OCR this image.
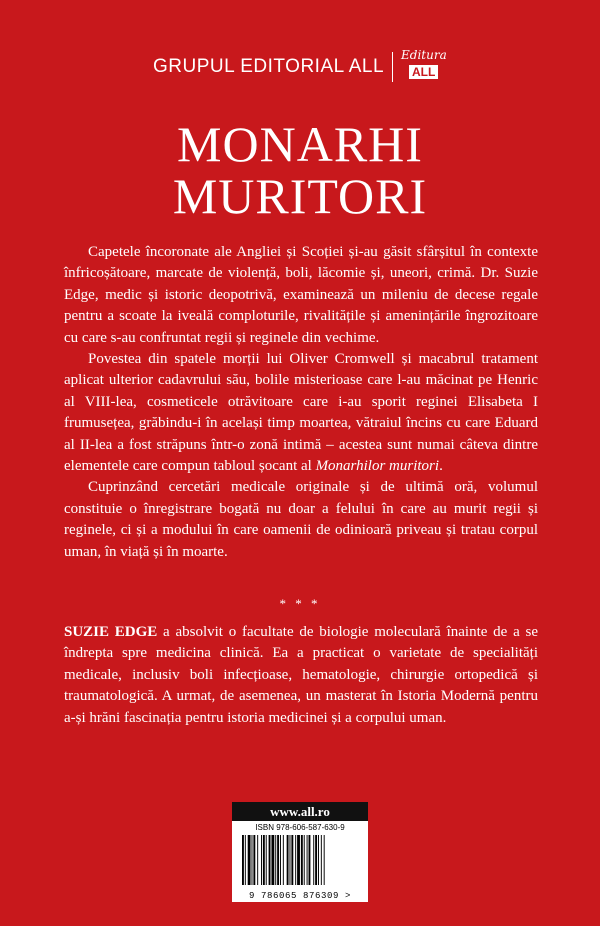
GRUPUL EDITORIAL ALL
Editura
ALL
MONARHI
MURITORI

Capetele încoronate ale Angliei și Scoției și-au găsit sfârșitul în contexte înfricoșătoare, marcate de violență, boli, lăcomie și, uneori, crimă. Dr. Suzie Edge, medic și istoric deopotrivă, examinează un mileniu de decese regale pentru a scoate la iveală comploturile, rivalitățile și amenințările îngrozitoare cu care s-au confruntat regii și reginele din vechime.

Povestea din spatele morții lui Oliver Cromwell și macabrul tratament aplicat ulterior cadavrului său, bolile misterioase care l-au măcinat pe Henric al VIII-lea, cosmeticele otrăvitoare care i-au sporit reginei Elisabeta I frumusețea, grăbindu-i în același timp moartea, vătraiul încins cu care Eduard al II-lea a fost străpuns într-o zonă intimă – acestea sunt numai câteva dintre elementele care compun tabloul șocant al Monarhilor muritori.

Cuprinzând cercetări medicale originale și de ultimă oră, volumul constituie o înregistrare bogată nu doar a felului în care au murit regii și reginele, ci și a modului în care oamenii de odinioară priveau și tratau corpul uman, în viață și în moarte.

* * *

SUZIE EDGE a absolvit o facultate de biologie moleculară înainte de a se îndrepta spre medicina clinică. Ea a practicat o varietate de specialități medicale, inclusiv boli infecțioase, hematologie, chirurgie ortopedică și traumatologică. A urmat, de asemenea, un masterat în Istoria Modernă pentru a-și hrăni fascinația pentru istoria medicinei și a corpului uman.

www.all.ro
ISBN 978-606-587-630-9
9 786065 876309 >
